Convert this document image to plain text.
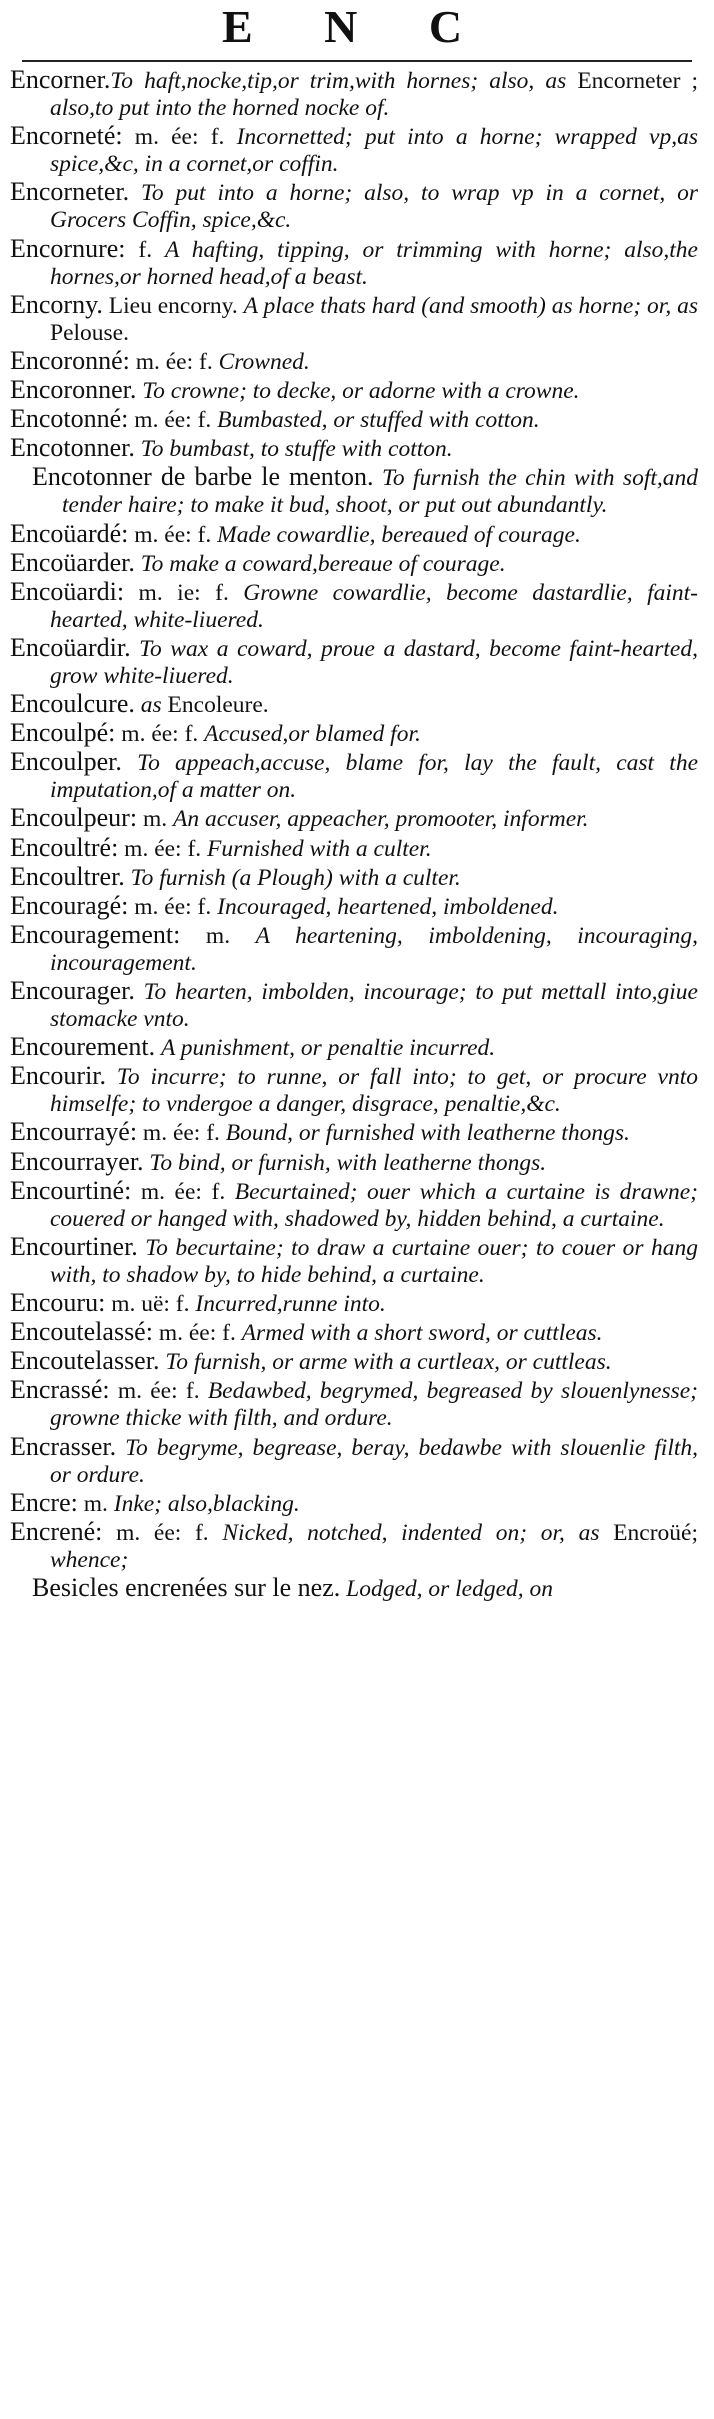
E N C

Encorner.To haft,nocke,tip,or trim,with hornes; also, as Encorneter ; also,to put into the horned nocke of.

Encorneté: m. ée: f. Incornetted; put into a horne; wrapped vp,as spice,&c, in a cornet,or coffin.

Encorneter. To put into a horne; also, to wrap vp in a cornet, or Grocers Coffin, spice,&c.

Encornure: f. A hafting, tipping, or trimming with horne; also,the hornes,or horned head,of a beast.

Encorny. Lieu encorny. A place thats hard (and smooth) as horne; or, as Pelouse.

Encoronné: m. ée: f. Crowned.

Encoronner. To crowne; to decke, or adorne with a crowne.

Encotonné: m. ée: f. Bumbasted, or stuffed with cotton.

Encotonner. To bumbast, to stuffe with cotton.

Encotonner de barbe le menton. To furnish the chin with soft,and tender haire; to make it bud, shoot, or put out abundantly.

Encoüardé: m. ée: f. Made cowardlie, bereaued of courage.

Encoüarder. To make a coward,bereaue of courage.

Encoüardi: m. ie: f. Growne cowardlie, become dastardlie, faint-hearted, white-liuered.

Encoüardir. To wax a coward, proue a dastard, become faint-hearted, grow white-liuered.

Encoulcure. as Encoleure.

Encoulpé: m. ée: f. Accused,or blamed for.

Encoulper. To appeach,accuse, blame for, lay the fault, cast the imputation,of a matter on.

Encoulpeur: m. An accuser, appeacher, promooter, informer.

Encoultré: m. ée: f. Furnished with a culter.

Encoultrer. To furnish (a Plough) with a culter.

Encouragé: m. ée: f. Incouraged, heartened, imboldened.

Encouragement: m. A heartening, imboldening, incouraging, incouragement.

Encourager. To hearten, imbolden, incourage; to put mettall into,giue stomacke vnto.

Encourement. A punishment, or penaltie incurred.

Encourir. To incurre; to runne, or fall into; to get, or procure vnto himselfe; to vndergoe a danger, disgrace, penaltie,&c.

Encourrayé: m. ée: f. Bound, or furnished with leatherne thongs.

Encourrayer. To bind, or furnish, with leatherne thongs.

Encourtiné: m. ée: f. Becurtained; ouer which a curtaine is drawne; couered or hanged with, shadowed by, hidden behind, a curtaine.

Encourtiner. To becurtaine; to draw a curtaine ouer; to couer or hang with, to shadow by, to hide behind, a curtaine.

Encouru: m. uë: f. Incurred,runne into.

Encoutelassé: m. ée: f. Armed with a short sword, or cuttleas.

Encoutelasser. To furnish, or arme with a curtleax, or cuttleas.

Encrassé: m. ée: f. Bedawbed, begrymed, begreased by slouenlynesse; growne thicke with filth, and ordure.

Encrasser. To begryme, begrease, beray, bedawbe with slouenlie filth, or ordure.

Encre: m. Inke; also,blacking.

Encrené: m. ée: f. Nicked, notched, indented on; or, as Encroüé; whence;

Besicles encrenées sur le nez. Lodged, or ledged, on
